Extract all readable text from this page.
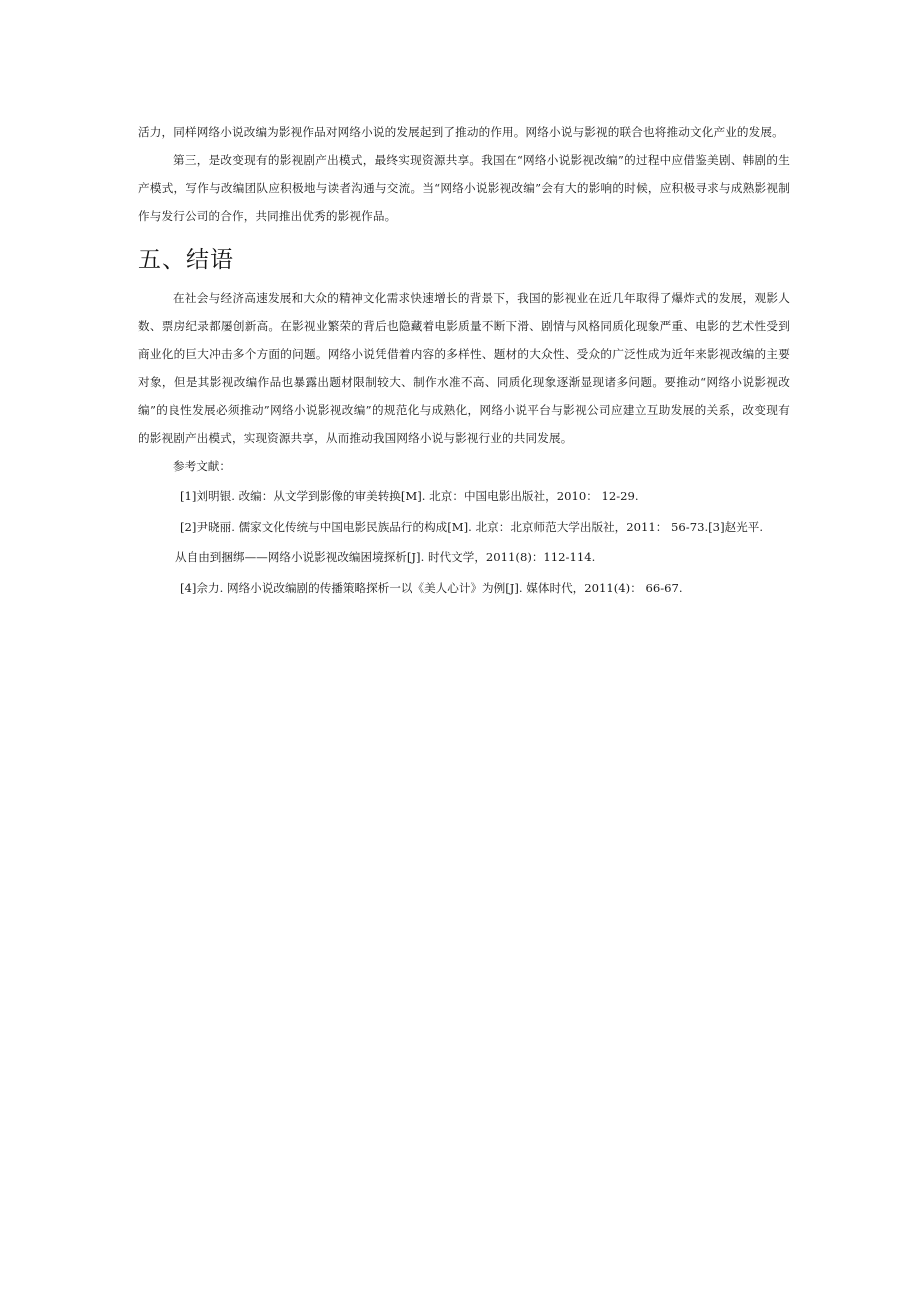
活力，同样网络小说改编为影视作品对网络小说的发展起到了推动的作用。网络小说与影视的联合也将推动文化产业的发展。

第三，是改变现有的影视剧产出模式，最终实现资源共享。我国在“网络小说影视改编”的过程中应借鉴美剧、韩剧的生产模式，写作与改编团队应积极地与读者沟通与交流。当“网络小说影视改编”会有大的影响的时候，应积极寻求与成熟影视制作与发行公司的合作，共同推出优秀的影视作品。

五、结语

在社会与经济高速发展和大众的精神文化需求快速增长的背景下，我国的影视业在近几年取得了爆炸式的发展，观影人数、票房纪录都屡创新高。在影视业繁荣的背后也隐藏着电影质量不断下滑、剧情与风格同质化现象严重、电影的艺术性受到商业化的巨大冲击多个方面的问题。网络小说凭借着内容的多样性、题材的大众性、受众的广泛性成为近年来影视改编的主要对象，但是其影视改编作品也暴露出题材限制较大、制作水准不高、同质化现象逐渐显现诸多问题。要推动“网络小说影视改编”的良性发展必须推动”网络小说影视改编”的规范化与成熟化，网络小说平台与影视公司应建立互助发展的关系，改变现有的影视剧产出模式，实现资源共享，从而推动我国网络小说与影视行业的共同发展。

参考文献：

[1]刘明银. 改编：从文学到影像的审美转换[M]. 北京：中国电影出版社，2010： 12-29.

[2]尹晓丽. 儒家文化传统与中国电影民族品行的构成[M]. 北京：北京师范大学出版社，2011： 56-73.[3]赵光平.
从自由到捆绑——网络小说影视改编困境探析[J]. 时代文学，2011(8)：112-114.

[4]佘力. 网络小说改编剧的传播策略探析一以《美人心计》为例[J]. 媒体时代，2011(4)： 66-67.
